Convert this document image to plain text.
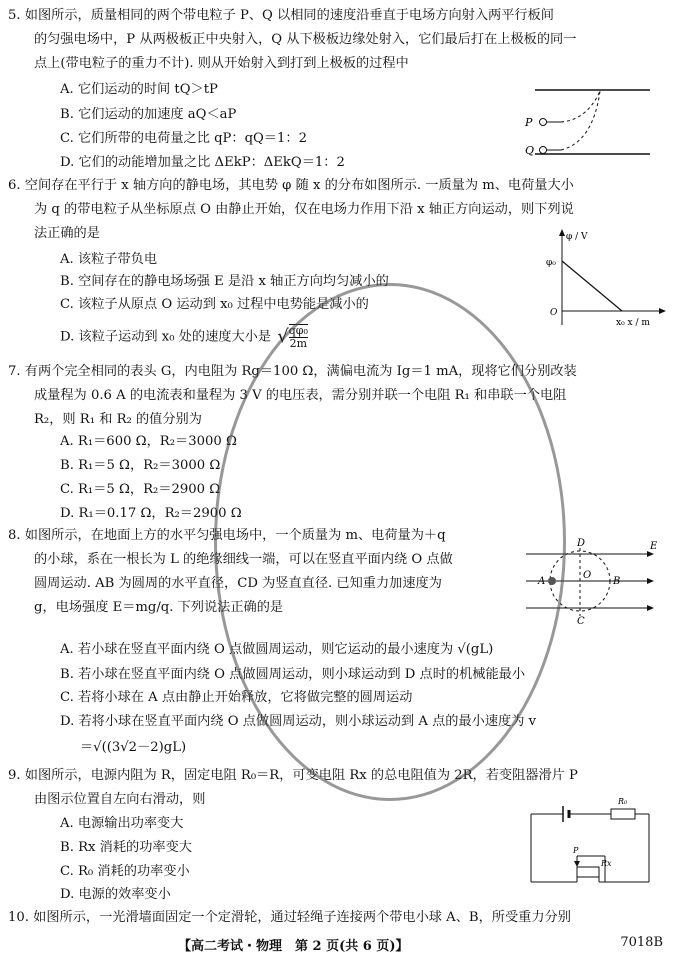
5. 如图所示，质量相同的两个带电粒子 P、Q 以相同的速度沿垂直于电场方向射入两平行板间
的匀强电场中，P 从两极板正中央射入，Q 从下极板边缘处射入，它们最后打在上极板的同一
点上(带电粒子的重力不计). 则从开始射入到打到上极板的过程中
A. 它们运动的时间 tQ＞tP
B. 它们运动的加速度 aQ＜aP
C. 它们所带的电荷量之比 qP：qQ＝1：2
D. 它们的动能增加量之比 ΔEkP：ΔEkQ＝1：2
P
Q
6. 空间存在平行于 x 轴方向的静电场，其电势 φ 随 x 的分布如图所示. 一质量为 m、电荷量大小
为 q 的带电粒子从坐标原点 O 由静止开始，仅在电场力作用下沿 x 轴正方向运动，则下列说
法正确的是
A. 该粒子带负电
B. 空间存在的静电场场强 E 是沿 x 轴正方向均匀减小的
C. 该粒子从原点 O 运动到 x₀ 过程中电势能是减小的
D. 该粒子运动到 x₀ 处的速度大小是 √ $\frac{\text{qφ₀}}{2m}$
φ / V
φ₀
O
x₀ x / m
7. 有两个完全相同的表头 G，内电阻为 Rg＝100 Ω，满偏电流为 Ig＝1 mA，现将它们分别改装
成量程为 0.6 A 的电流表和量程为 3 V 的电压表，需分别并联一个电阻 R₁ 和串联一个电阻
R₂，则 R₁ 和 R₂ 的值分别为
A. R₁＝600 Ω，R₂＝3000 Ω
B. R₁＝5 Ω，R₂＝3000 Ω
C. R₁＝5 Ω，R₂＝2900 Ω
D. R₁＝0.17 Ω，R₂＝2900 Ω
8. 如图所示，在地面上方的水平匀强电场中，一个质量为 m、电荷量为＋q
的小球，系在一根长为 L 的绝缘细线一端，可以在竖直平面内绕 O 点做
圆周运动. AB 为圆周的水平直径，CD 为竖直直径. 已知重力加速度为
g，电场强度 E＝mg/q. 下列说法正确的是
A. 若小球在竖直平面内绕 O 点做圆周运动，则它运动的最小速度为 √(gL)
B. 若小球在竖直平面内绕 O 点做圆周运动，则小球运动到 D 点时的机械能最小
C. 若将小球在 A 点由静止开始释放，它将做完整的圆周运动
D. 若将小球在竖直平面内绕 O 点做圆周运动，则小球运动到 A 点的最小速度为 v
＝√((3√2－2)gL)
D	E
A
O
B
C
9. 如图所示，电源内阻为 R，固定电阻 R₀＝R，可变电阻 Rx 的总电阻值为 2R，若变阻器滑片 P
由图示位置自左向右滑动，则
A. 电源输出功率变大
B. Rx 消耗的功率变大
C. R₀ 消耗的功率变小
D. 电源的效率变小
R₀
P
Rx
10. 如图所示，一光滑墙面固定一个定滑轮，通过轻绳子连接两个带电小球 A、B，所受重力分别
【高二考试・物理　第 2 页(共 6 页)】	7018B
